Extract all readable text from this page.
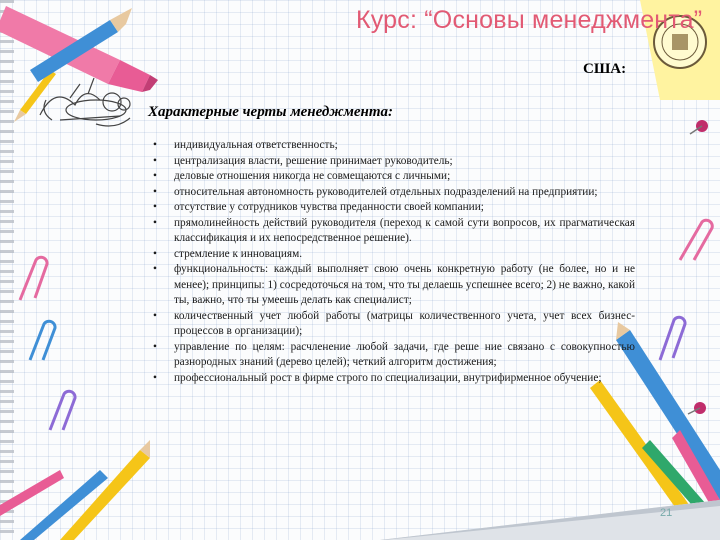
Курс: “Основы менеджмента”
США:
Характерные черты менеджмента:
• индивидуальная ответственность;
• централизация власти, решение принимает руководитель;
• деловые отношения никогда не совмещаются с личными;
• относительная автономность руководителей отдельных подразделений на предприятии;
• отсутствие у сотрудников чувства преданности своей компании;
• прямолинейность действий руководителя (переход к самой сути вопросов, их прагматическая классификация и их непосредственное решение).
• стремление к инновациям.
• функциональность: каждый выполняет свою очень конкретную работу (не более, но и не менее); принципы: 1) сосредоточься на том, что ты делаешь успешнее всего; 2) не важно, какой ты, важно, что ты умеешь делать как специалист;
• количественный учет любой работы (матрицы количественного учета, учет всех бизнес-процессов в организации);
• управление по целям: расчленение любой задачи, где реше ние связано с совокупностью разнородных знаний (дерево целей); четкий алгоритм достижения;
• профессиональный рост в фирме строго по специализации, внутрифирменное обучение;
21
